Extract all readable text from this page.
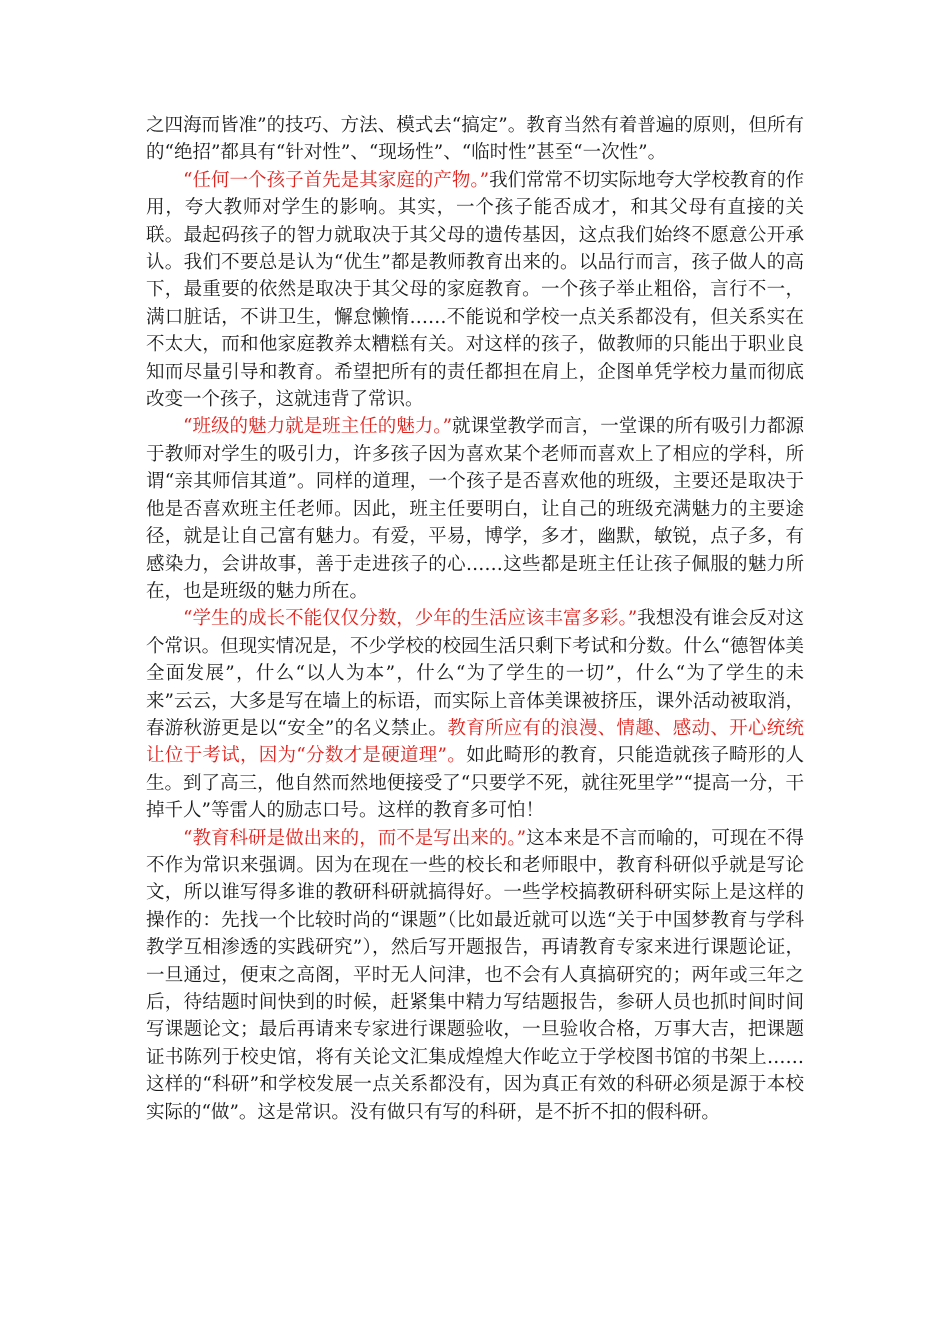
之四海而皆准”的技巧、方法、模式去“搞定”。教育当然有着普遍的原则，但所有的“绝招”都具有“针对性”、“现场性”、“临时性”甚至“一次性”。

“任何一个孩子首先是其家庭的产物。”我们常常不切实际地夸大学校教育的作用，夸大教师对学生的影响。其实，一个孩子能否成才，和其父母有直接的关联。最起码孩子的智力就取决于其父母的遗传基因，这点我们始终不愿意公开承认。我们不要总是认为“优生”都是教师教育出来的。以品行而言，孩子做人的高下，最重要的依然是取决于其父母的家庭教育。一个孩子举止粗俗，言行不一，满口脏话，不讲卫生，懈怠懒惰……不能说和学校一点关系都没有，但关系实在不太大，而和他家庭教养太糟糕有关。对这样的孩子，做教师的只能出于职业良知而尽量引导和教育。希望把所有的责任都担在肩上，企图单凭学校力量而彻底改变一个孩子，这就违背了常识。

“班级的魅力就是班主任的魅力。”就课堂教学而言，一堂课的所有吸引力都源于教师对学生的吸引力，许多孩子因为喜欢某个老师而喜欢上了相应的学科，所谓“亲其师信其道”。同样的道理，一个孩子是否喜欢他的班级，主要还是取决于他是否喜欢班主任老师。因此，班主任要明白，让自己的班级充满魅力的主要途径，就是让自己富有魅力。有爱，平易，博学，多才，幽默，敏锐，点子多，有感染力，会讲故事，善于走进孩子的心……这些都是班主任让孩子佩服的魅力所在，也是班级的魅力所在。

“学生的成长不能仅仅分数，少年的生活应该丰富多彩。”我想没有谁会反对这个常识。但现实情况是，不少学校的校园生活只剩下考试和分数。什么“德智体美全面发展”，什么“以人为本”，什么“为了学生的一切”，什么“为了学生的未来”云云，大多是写在墙上的标语，而实际上音体美课被挤压，课外活动被取消，春游秋游更是以“安全”的名义禁止。教育所应有的浪漫、情趣、感动、开心统统让位于考试，因为“分数才是硬道理”。如此畸形的教育，只能造就孩子畸形的人生。到了高三，他自然而然地便接受了“只要学不死，就往死里学”“提高一分，干掉千人”等雷人的励志口号。这样的教育多可怕！

“教育科研是做出来的，而不是写出来的。”这本来是不言而喻的，可现在不得不作为常识来强调。因为在现在一些的校长和老师眼中，教育科研似乎就是写论文，所以谁写得多谁的教研科研就搞得好。一些学校搞教研科研实际上是这样的操作的：先找一个比较时尚的“课题”（比如最近就可以选“关于中国梦教育与学科教学互相渗透的实践研究”），然后写开题报告，再请教育专家来进行课题论证，一旦通过，便束之高阁，平时无人问津，也不会有人真搞研究的；两年或三年之后，待结题时间快到的时候，赶紧集中精力写结题报告，参研人员也抓时间时间写课题论文；最后再请来专家进行课题验收，一旦验收合格，万事大吉，把课题证书陈列于校史馆，将有关论文汇集成煌煌大作屹立于学校图书馆的书架上……这样的“科研”和学校发展一点关系都没有，因为真正有效的科研必须是源于本校实际的“做”。这是常识。没有做只有写的科研，是不折不扣的假科研。
